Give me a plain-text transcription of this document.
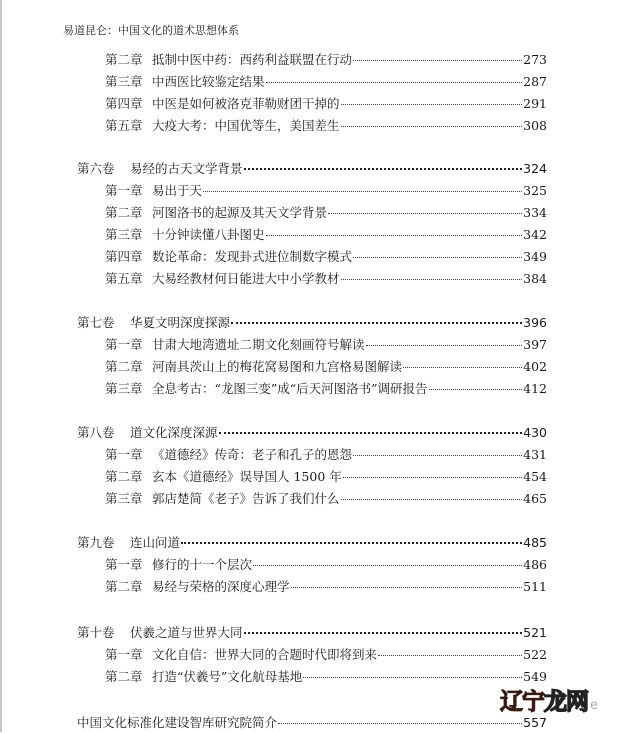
易道昆仑：中国文化的道术思想体系
第二章 抵制中医中药：西药利益联盟在行动	273
第三章 中西医比较鉴定结果	287
第四章 中医是如何被洛克菲勒财团干掉的	291
第五章 大疫大考：中国优等生，美国差生	308
第六卷	易经的古天文学背景	324
第一章 易出于天	325
第二章 河图洛书的起源及其天文学背景	334
第三章 十分钟读懂八卦图史	342
第四章 数论革命：发现卦式进位制数字模式	349
第五章 大易经教材何日能进大中小学教材	384
第七卷	华夏文明深度探源	396
第一章 甘肃大地湾遗址二期文化刻画符号解读	397
第二章 河南具茨山上的梅花窝易图和九宫格易图解读	402
第三章 全息考古：“龙图三变”成“后天河图洛书”调研报告	412
第八卷	道文化深度深源	430
第一章 《道德经》传奇：老子和孔子的恩怨	431
第二章 玄本《道德经》误导国人 1500 年	454
第三章 郭店楚简《老子》告诉了我们什么	465
第九卷	连山问道	485
第一章 修行的十一个层次	486
第二章 易经与荣格的深度心理学	511
第十卷	伏羲之道与世界大同	521
第一章 文化自信：世界大同的合题时代即将到来	522
第二章 打造“伏羲号”文化航母基地	549
中国文化标准化建设智库研究院简介	557
辽宁龙网 e
